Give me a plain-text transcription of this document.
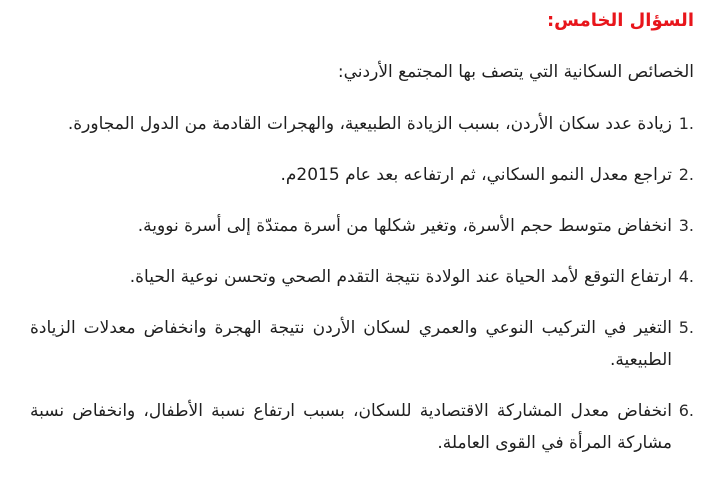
السؤال الخامس:
الخصائص السكانية التي يتصف بها المجتمع الأردني:
1.
زيادة عدد سكان الأردن، بسبب الزيادة الطبيعية، والهجرات القادمة من الدول المجاورة.
2.
تراجع معدل النمو السكاني، ثم ارتفاعه بعد عام 2015م.
3.
انخفاض متوسط حجم الأسرة، وتغير شكلها من أسرة ممتدّة إلى أسرة نووية.
4.
ارتفاع التوقع لأمد الحياة عند الولادة نتيجة التقدم الصحي وتحسن نوعية الحياة.
5.
التغير في التركيب النوعي والعمري لسكان الأردن نتيجة الهجرة وانخفاض معدلات الزيادة الطبيعية.
6.
انخفاض معدل المشاركة الاقتصادية للسكان، بسبب ارتفاع نسبة الأطفال، وانخفاض نسبة مشاركة المرأة في القوى العاملة.
